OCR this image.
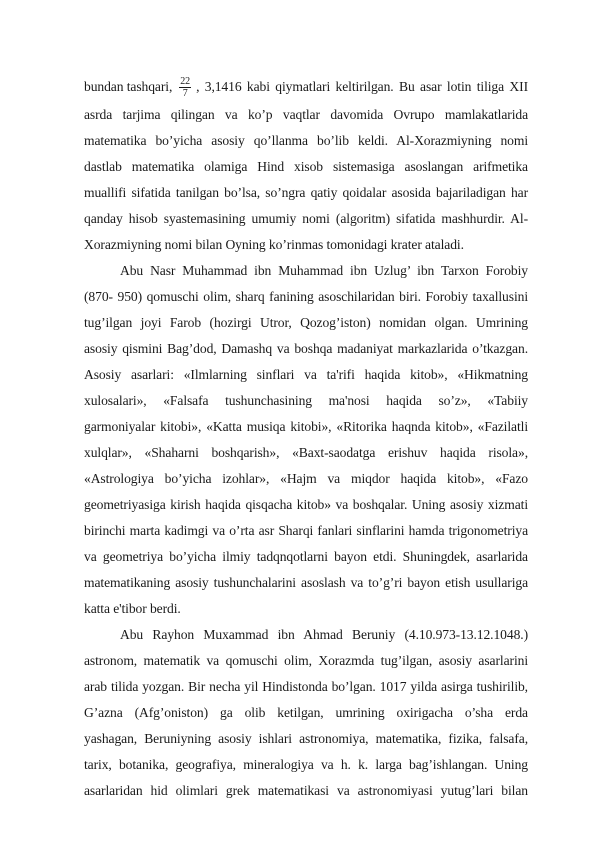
bundan tashqari, $\frac{22}{7}$ , 3,1416 kabi qiymatlari keltirilgan. Bu asar lotin tiliga XII
asrda tarjima qilingan va ko’p vaqtlar davomida Ovrupo mamlakatlarida
matematika bo’yicha asosiy qo’llanma bo’lib keldi. Al-Xorazmiyning nomi
dastlab matematika olamiga Hind xisob sistemasiga asoslangan arifmetika
muallifi sifatida tanilgan bo’lsa, so’ngra qatiy qoidalar asosida bajariladigan har
qanday hisob syastemasining umumiy nomi (algoritm) sifatida mashhurdir. Al-
Xorazmiyning nomi bilan Oyning ko’rinmas tomonidagi krater ataladi.
Abu Nasr Muhammad ibn Muhammad ibn Uzlug’ ibn Tarxon Forobiy
(870- 950) qomuschi olim, sharq fanining asoschilaridan biri. Forobiy taxallusini
tug’ilgan joyi Farob (hozirgi Utror, Qozog’iston) nomidan olgan. Umrining
asosiy qismini Bag’dod, Damashq va boshqa madaniyat markazlarida o’tkazgan.
Asosiy asarlari: «Ilmlarning sinflari va ta'rifi haqida kitob», «Hikmatning
xulosalari», «Falsafa tushunchasining ma'nosi haqida so’z», «Tabiiy
garmoniyalar kitobi», «Katta musiqa kitobi», «Ritorika haqnda kitob», «Fazilatli
xulqlar», «Shaharni boshqarish», «Baxt-saodatga erishuv haqida risola»,
«Astrologiya bo’yicha izohlar», «Hajm va miqdor haqida kitob», «Fazo
geometriyasiga kirish haqida qisqacha kitob» va boshqalar. Uning asosiy xizmati
birinchi marta kadimgi va o’rta asr Sharqi fanlari sinflarini hamda trigonometriya
va geometriya bo’yicha ilmiy tadqnqotlarni bayon etdi. Shuningdek, asarlarida
matematikaning asosiy tushunchalarini asoslash va to’g’ri bayon etish usullariga
katta e'tibor berdi.
Abu Rayhon Muxammad ibn Ahmad Beruniy (4.10.973-13.12.1048.)
astronom, matematik va qomuschi olim, Xorazmda tug’ilgan, asosiy asarlarini
arab tilida yozgan. Bir necha yil Hindistonda bo’lgan. 1017 yilda asirga tushirilib,
G’azna (Afg’oniston) ga olib ketilgan, umrining oxirigacha o’sha erda
yashagan, Beruniyning asosiy ishlari astronomiya, matematika, fizika, falsafa,
tarix, botanika, geografiya, mineralogiya va h. k. larga bag’ishlangan. Uning
asarlaridan hid olimlari grek matematikasi va astronomiyasi yutug’lari bilan
